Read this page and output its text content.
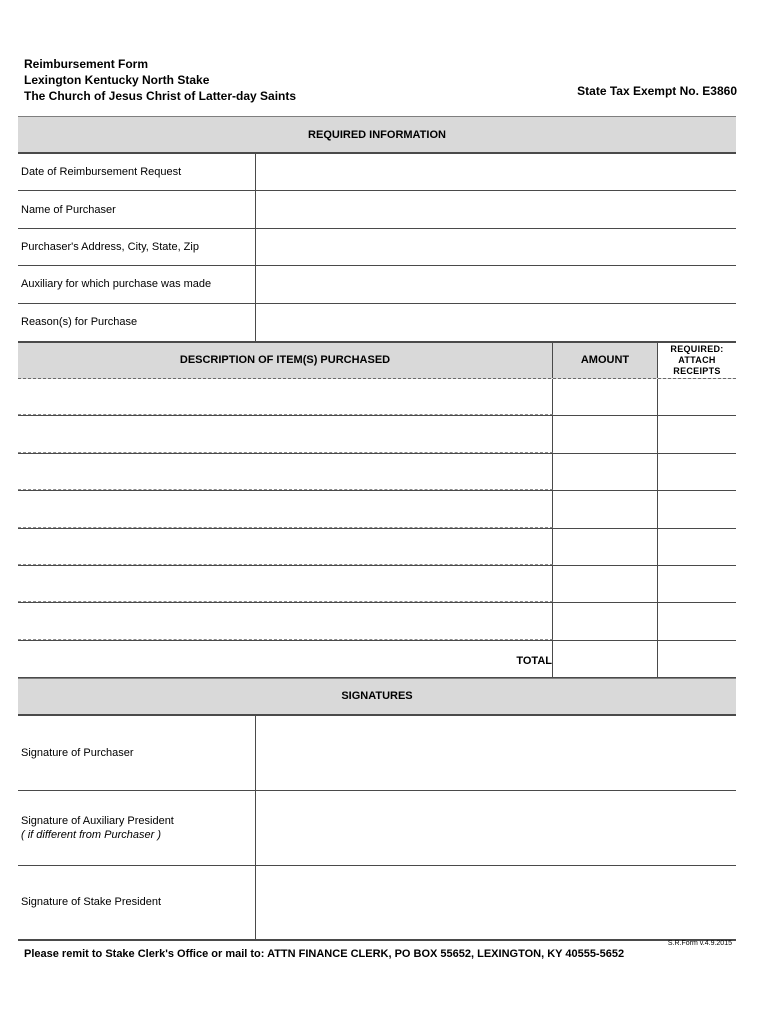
Reimbursement Form
Lexington Kentucky North Stake
The Church of Jesus Christ of Latter-day Saints	State Tax Exempt No. E3860
REQUIRED INFORMATION
Date of Reimbursement Request
Name of Purchaser
Purchaser's Address, City, State, Zip
Auxiliary for which purchase was made
Reason(s) for Purchase
DESCRIPTION OF ITEM(S) PURCHASED	AMOUNT
REQUIRED:
ATTACH
RECEIPTS
TOTAL
SIGNATURES
Signature of Purchaser
Signature of Auxiliary President
( if different from Purchaser )
Signature of Stake President
S.R.Form v.4.9.2015
Please remit to Stake Clerk's Office or mail to: ATTN FINANCE CLERK, PO BOX 55652, LEXINGTON, KY 40555-5652
